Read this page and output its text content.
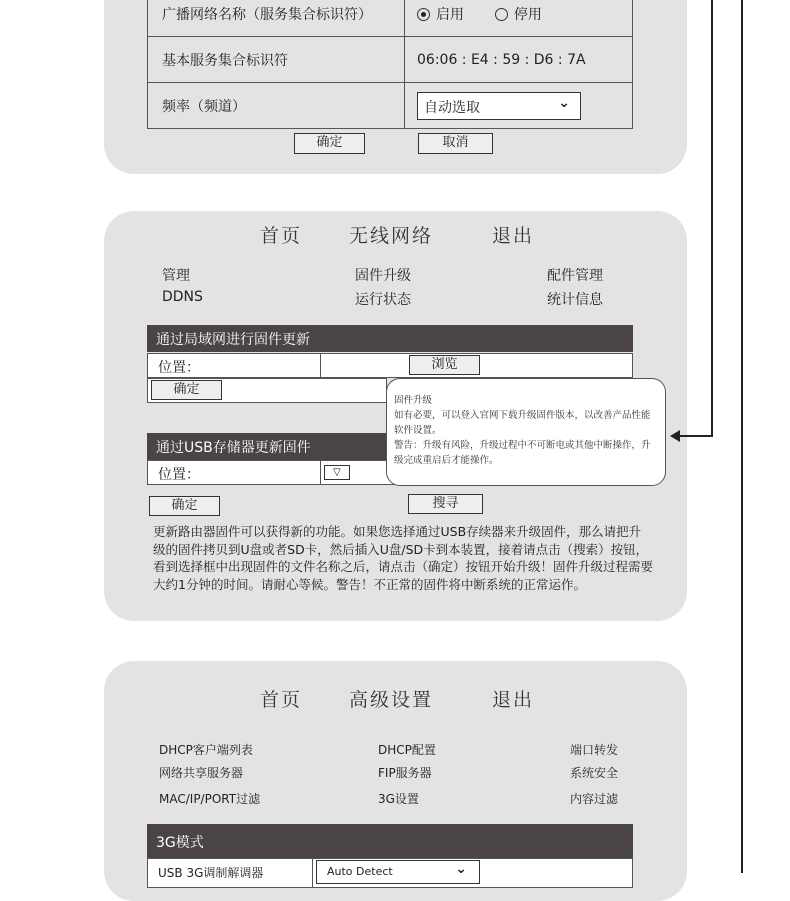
广播网络名称（服务集合标识符）	启用 停用
基本服务集合标识符	06:06 : E4 : 59 : D6 : 7A
频率（频道）	自动选取 ⌄
确定	取消
首页 无线网络	退出
管理	固件升级	配件管理
DDNS	运行状态	统计信息
通过局域网进行固件更新
位置：	浏览
确定
通过USB存储器更新固件
位置：	▽
确定	搜寻
更新路由器固件可以获得新的功能。如果您选择通过USB存续器来升级固件，那么请把升级的固件拷贝到U盘或者SD卡，然后插入U盘/SD卡到本装置，接着请点击（搜索）按钮，看到选择框中出现固件的文件名称之后，请点击（确定）按钮开始升级！固件升级过程需要大约1分钟的时间。请耐心等候。警告！不正常的固件将中断系统的正常运作。
固件升级
如有必要，可以登入官网下载升级固件版本，以改善产品性能软件设置。
警告：升级有风险，升级过程中不可断电或其他中断操作，升级完成重启后才能操作。
首页 高级设置	退出
DHCP客户端列表	DHCP配置	端口转发
网络共享服务器	FIP服务器	系统安全
MAC/IP/PORT过滤	3G设置	内容过滤
3G模式
USB 3G调制解调器	Auto Detect	⌄
